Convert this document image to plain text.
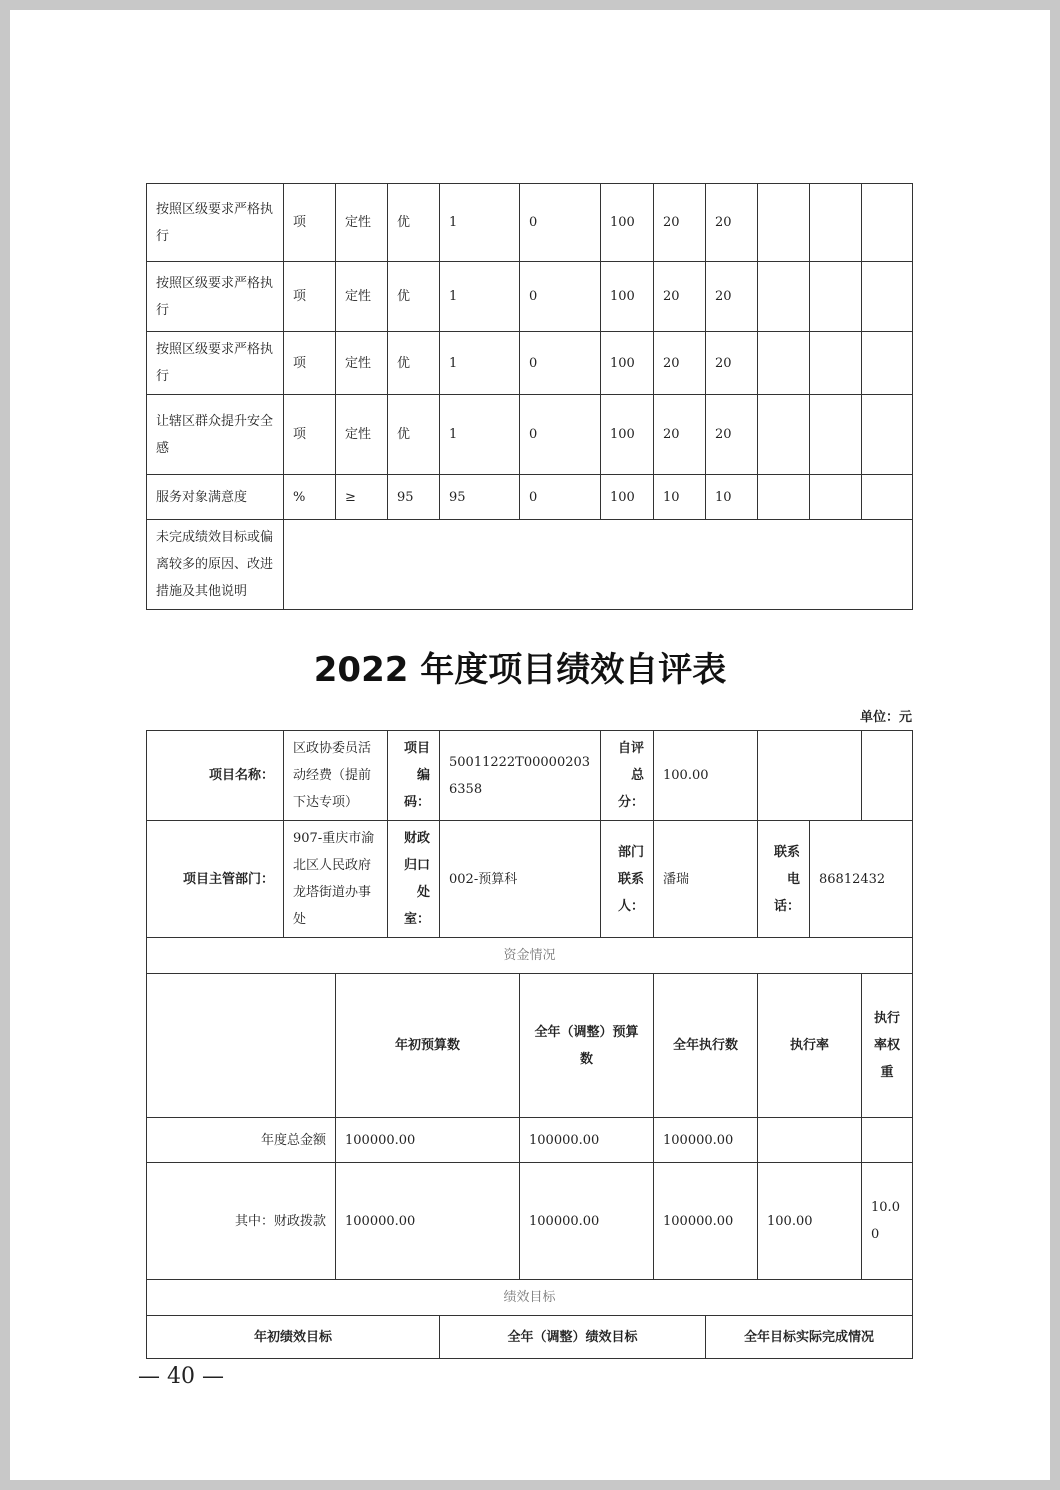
按照区级要求严格执行	项	定性	优	1	0	100	20	20			
按照区级要求严格执行	项	定性	优	1	0	100	20	20			
按照区级要求严格执行	项	定性	优	1	0	100	20	20			
让辖区群众提升安全感	项	定性	优	1	0	100	20	20			
服务对象满意度	%	≥	95	95	0	100	10	10			
未完成绩效目标或偏离较多的原因、改进措施及其他说明											
2022 年度项目绩效自评表
单位：元
项目名称：	区政协委员活动经费（提前下达专项）		项目编码：	50011222T000002036358		自评总分：	100.00					
项目主管部门：	907-重庆市渝北区人民政府龙塔街道办事处		财政归口处室：	002-预算科		部门联系人：	潘瑞		联系电话：	86812432		
资金情况												
		年初预算数			全年（调整）预算数		全年执行数		执行率		执行率权重	
年度总金额		100000.00			100000.00		100000.00					
其中：财政拨款		100000.00			100000.00		100000.00		100.00		10.00	
绩效目标												
年初绩效目标				全年（调整）绩效目标				全年目标实际完成情况				
— 40 —
